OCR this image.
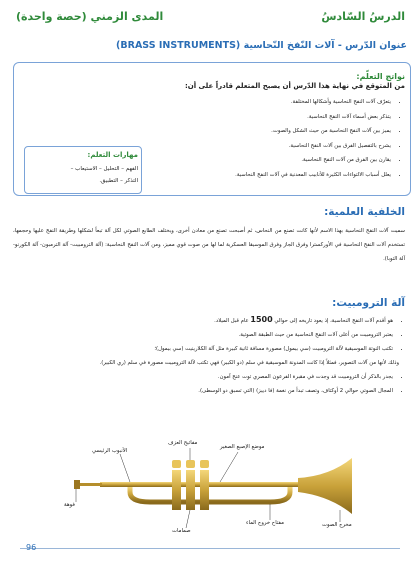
الدرسُ السّادسُ
المدى الزمني (حصة واحدة)
عنوان الدّرس - آلات النّفخ النّحاسية (BRASS INSTRUMENTS)
نواتج التعلّم:
من المتوقع في نهاية هذا الدّرس أن يصبح المتعلم قادراً على أن:
• يتعرّف آلات النفخ النحاسية وأشكالها المختلفة.
• يتذكر بعض أسماء آلات النفخ النحاسية.
• يميز بين آلات النفخ النحاسية من حيث الشكل والصوت.
• يشرح بالتفصيل الفرق بين آلات النفخ النحاسية.
• يقارن بين الفرق من آلات النفخ النحاسية.
• يعلل أسباب الالتواءات الكثيرة للأنابيب المعدنية في آلات النفخ النحاسية.
مهارات التعلم:
الفهم – التحليل – الاستيعاب –
التذكر – التطبيق.
الخلفية العلمية:

سميت آلات النفخ النحاسية بهذا الاسم لأنها كانت تصنع من النحاس، ثم أصبحت تصنع من معادن أخرى، ويختلف الطابع الصوتي لكل آلة تبعاً لشكلها وطريقة النفخ عليها وحجمها، تستخدم آلات النفخ النحاسية في الأوركسترا وفرق الجاز وفرق الموسيقا العسكرية لما لها من صوت قوي مميز، ومن آلات النفخ النحاسية: (آلة الترومبيت- آلة الترمبون- آلة الكورنو- آلة التوبا).

آلة الترومبيت:
• هو أقدم آلات النفخ النحاسية، إذ يعود تاريخه إلى حوالي 1500 عام قبل الميلاد.
• يعتبر الترومبيت من أعلى آلات النفخ النحاسية من حيث الطبقة الصوتية.
• تكتب النوتة الموسيقية لآلة الترومبيت (سي بيمول) مصورة مسافة ثانية كبيرة مثل آلة الكلارينيت (سي بيمول)؛
وذلك لأنها من آلات التصوير، فمثلاً إذا كانت المدونة الموسيقية في سلم (دو الكبير) فهي تكتب لآلة الترومبيت مصورة في سلم (ري الكبير).
• يجدر بالذكر أن الترومبيت قد وجدت في مقبرة الفرعون المصري توت عنخ آمون.
• المجال الصوتي حوالي 2 أوكتاف، وتصف تبدأ من نغمة (فا دييز) (التي تسبق دو الوسطى).
مفاتيح العزف
الأنبوب الرئيسي
موضع الإصبع الصغير
فوهة
صمامات
مفتاح خروج الماء	مخرج الصوت
96
